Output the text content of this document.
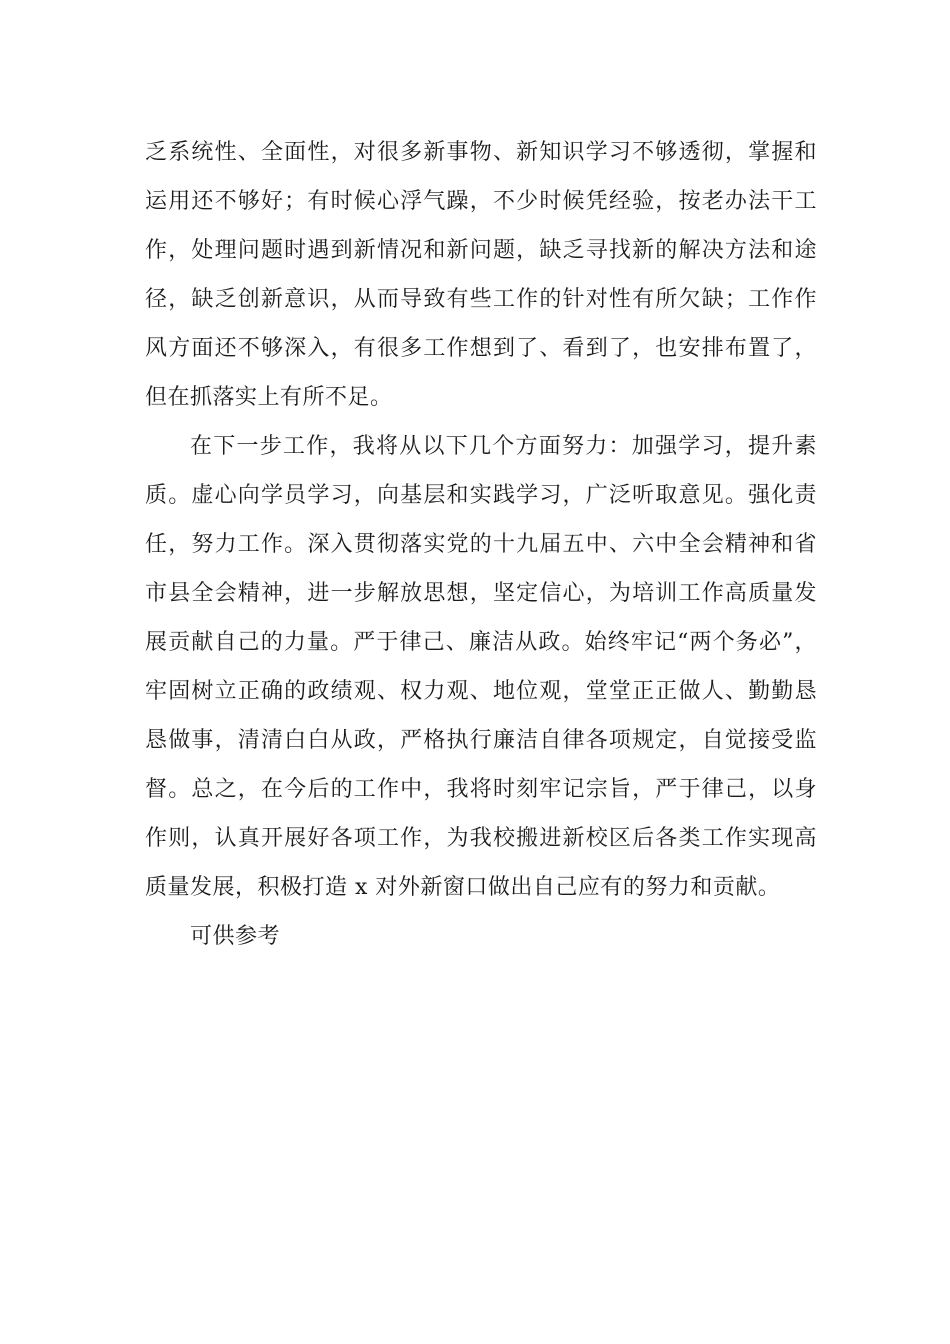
乏系统性、全面性，对很多新事物、新知识学习不够透彻，掌握和
运用还不够好；有时候心浮气躁，不少时候凭经验，按老办法干工
作，处理问题时遇到新情况和新问题，缺乏寻找新的解决方法和途
径，缺乏创新意识，从而导致有些工作的针对性有所欠缺；工作作
风方面还不够深入，有很多工作想到了、看到了，也安排布置了，
但在抓落实上有所不足。
在下一步工作，我将从以下几个方面努力：加强学习，提升素
质。虚心向学员学习，向基层和实践学习，广泛听取意见。强化责
任，努力工作。深入贯彻落实党的十九届五中、六中全会精神和省
市县全会精神，进一步解放思想，坚定信心，为培训工作高质量发
展贡献自己的力量。严于律己、廉洁从政。始终牢记“两个务必”，
牢固树立正确的政绩观、权力观、地位观，堂堂正正做人、勤勤恳
恳做事，清清白白从政，严格执行廉洁自律各项规定，自觉接受监
督。总之，在今后的工作中，我将时刻牢记宗旨，严于律己，以身
作则，认真开展好各项工作，为我校搬进新校区后各类工作实现高
质量发展，积极打造 x 对外新窗口做出自己应有的努力和贡献。
可供参考
